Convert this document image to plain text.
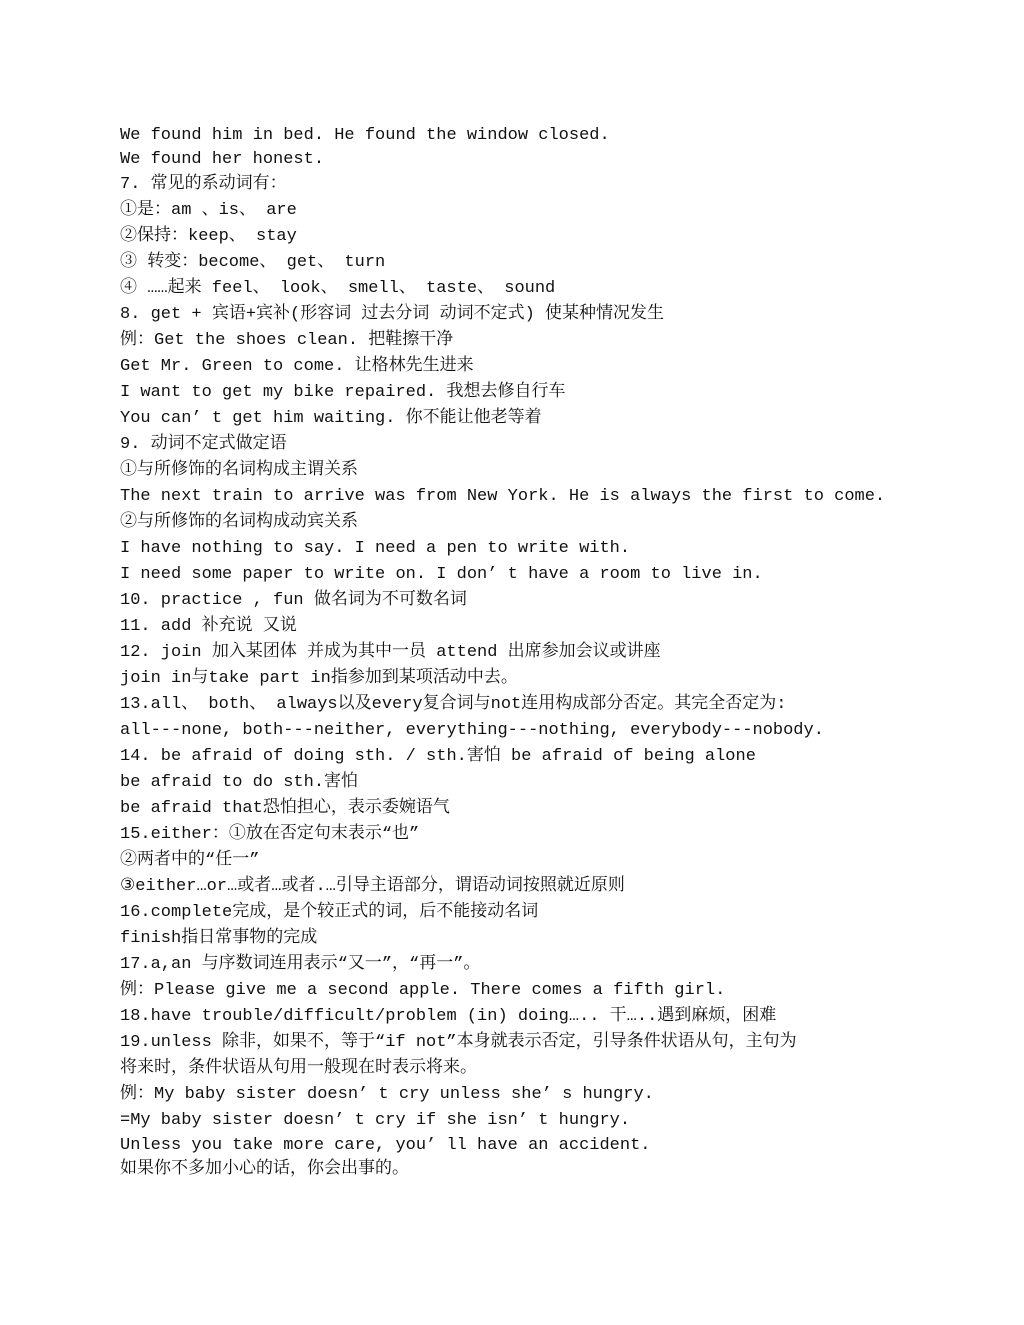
We found him in bed. He found the window closed.
We found her honest.
7. 常见的系动词有：
①是：am 、is、 are
②保持：keep、 stay
③ 转变：become、 get、 turn
④ ……起来 feel、 look、 smell、 taste、 sound
8. get + 宾语+宾补(形容词 过去分词 动词不定式) 使某种情况发生
例：Get the shoes clean. 把鞋擦干净
Get Mr. Green to come. 让格林先生进来
I want to get my bike repaired. 我想去修自行车
You can’ t get him waiting. 你不能让他老等着
9. 动词不定式做定语
①与所修饰的名词构成主谓关系
The next train to arrive was from New York. He is always the first to come.
②与所修饰的名词构成动宾关系
I have nothing to say. I need a pen to write with.
I need some paper to write on. I don’ t have a room to live in.
10. practice , fun 做名词为不可数名词
11. add 补充说 又说
12. join 加入某团体 并成为其中一员 attend 出席参加会议或讲座
join in与take part in指参加到某项活动中去。
13.all、 both、 always以及every复合词与not连用构成部分否定。其完全否定为:
all---none, both---neither, everything---nothing, everybody---nobody.
14. be afraid of doing sth. / sth.害怕 be afraid of being alone
be afraid to do sth.害怕
be afraid that恐怕担心，表示委婉语气
15.either：①放在否定句末表示“也”
②两者中的“任一”
③either…or…或者…或者.…引导主语部分，谓语动词按照就近原则
16.complete完成，是个较正式的词，后不能接动名词
finish指日常事物的完成
17.a,an 与序数词连用表示“又一”，“再一”。
例：Please give me a second apple. There comes a fifth girl.
18.have trouble/difficult/problem (in) doing….. 干…..遇到麻烦，困难
19.unless 除非，如果不，等于“if not”本身就表示否定，引导条件状语从句，主句为
将来时，条件状语从句用一般现在时表示将来。
例：My baby sister doesn’ t cry unless she’ s hungry.
=My baby sister doesn’ t cry if she isn’ t hungry.
Unless you take more care, you’ ll have an accident.
如果你不多加小心的话，你会出事的。
